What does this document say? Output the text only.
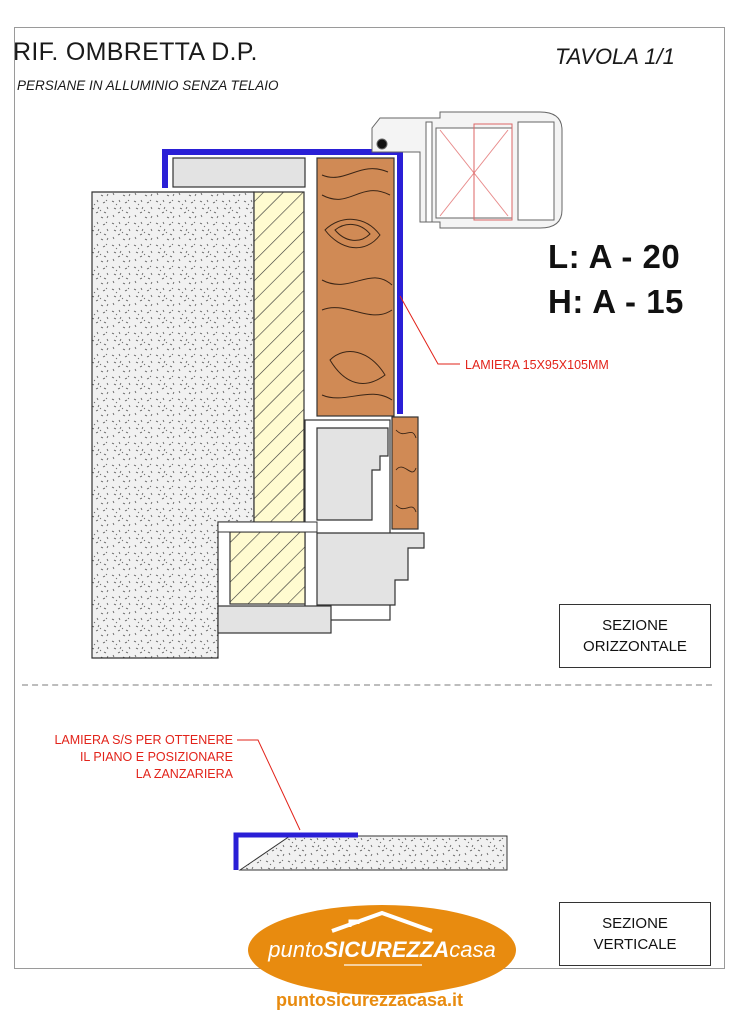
RIF. OMBRETTA D.P.
PERSIANE IN ALLUMINIO SENZA TELAIO
TAVOLA 1/1
L: A - 20
H: A - 15
LAMIERA 15X95X105MM
LAMIERA S/S PER OTTENERE
IL PIANO E POSIZIONARE
LA ZANZARIERA
SEZIONE
ORIZZONTALE
SEZIONE
VERTICALE
puntoSICUREZZAcasa
puntosicurezzacasa.it
